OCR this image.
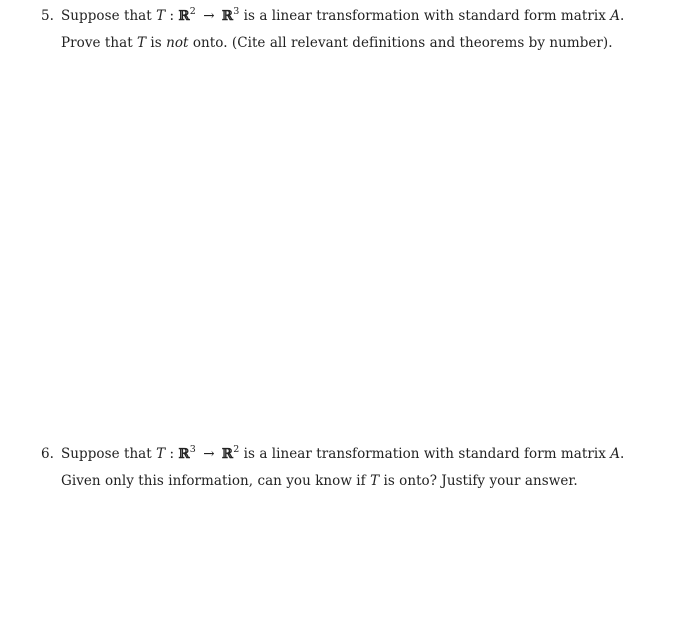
5. Suppose that T : ℝ$^2$ → ℝ$^3$ is a linear transformation with standard form matrix A.
Prove that T is not onto. (Cite all relevant definitions and theorems by number).
6. Suppose that T : ℝ$^3$ → ℝ$^2$ is a linear transformation with standard form matrix A.
Given only this information, can you know if T is onto? Justify your answer.
